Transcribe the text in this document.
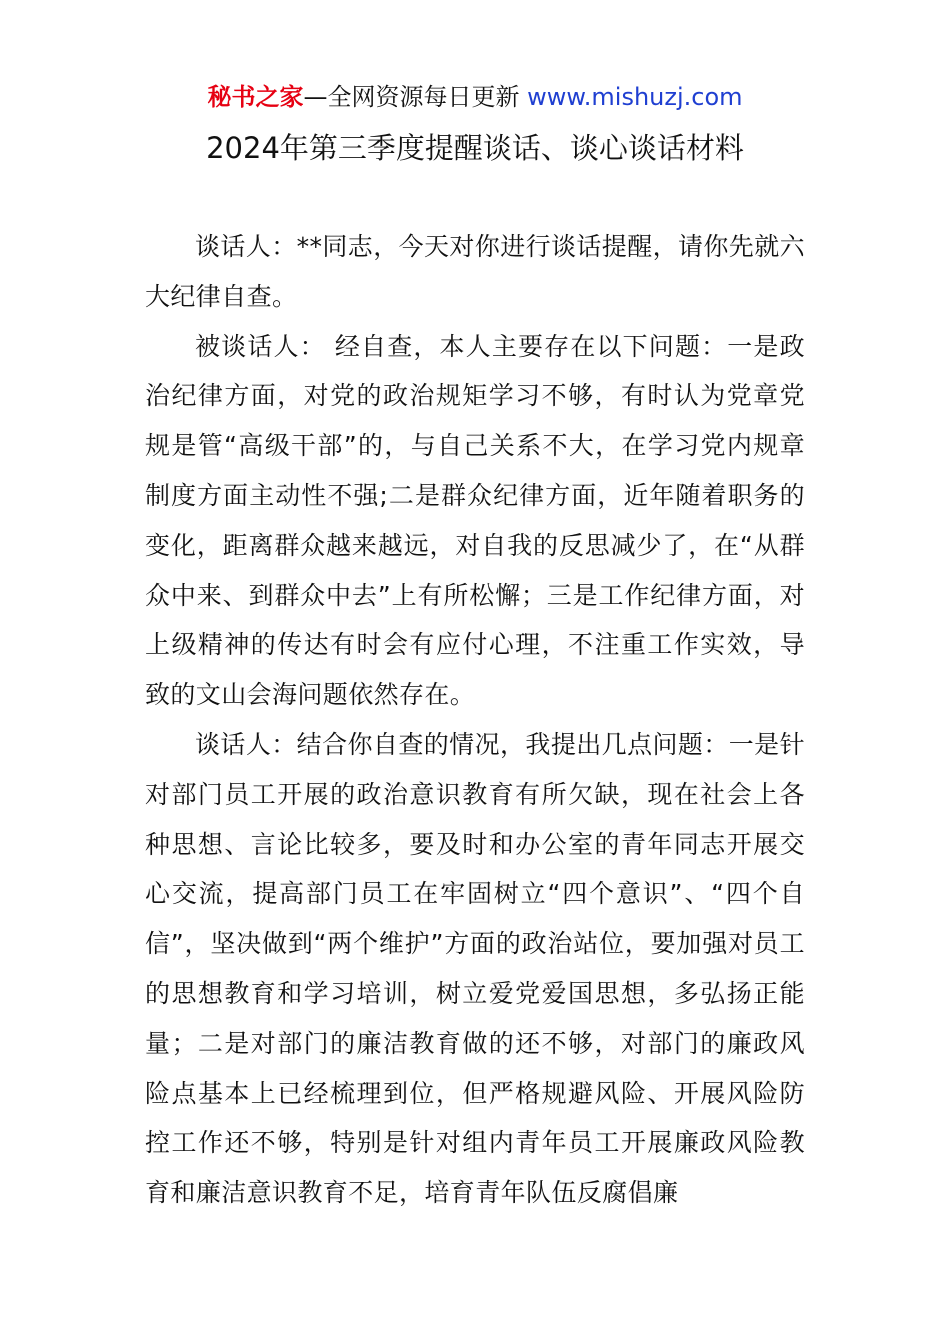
秘书之家—全网资源每日更新 www.mishuzj.com
2024年第三季度提醒谈话、谈心谈话材料

谈话人：**同志，今天对你进行谈话提醒，请你先就六大纪律自查。

被谈话人： 经自查，本人主要存在以下问题：一是政治纪律方面，对党的政治规矩学习不够，有时认为党章党规是管“高级干部”的，与自己关系不大，在学习党内规章制度方面主动性不强;二是群众纪律方面，近年随着职务的变化，距离群众越来越远，对自我的反思减少了，在“从群众中来、到群众中去”上有所松懈；三是工作纪律方面，对上级精神的传达有时会有应付心理，不注重工作实效，导致的文山会海问题依然存在。

谈话人：结合你自查的情况，我提出几点问题：一是针对部门员工开展的政治意识教育有所欠缺，现在社会上各种思想、言论比较多，要及时和办公室的青年同志开展交心交流，提高部门员工在牢固树立“四个意识”、“四个自信”，坚决做到“两个维护”方面的政治站位，要加强对员工的思想教育和学习培训，树立爱党爱国思想，多弘扬正能量；二是对部门的廉洁教育做的还不够，对部门的廉政风险点基本上已经梳理到位，但严格规避风险、开展风险防控工作还不够，特别是针对组内青年员工开展廉政风险教育和廉洁意识教育不足，培育青年队伍反腐倡廉
